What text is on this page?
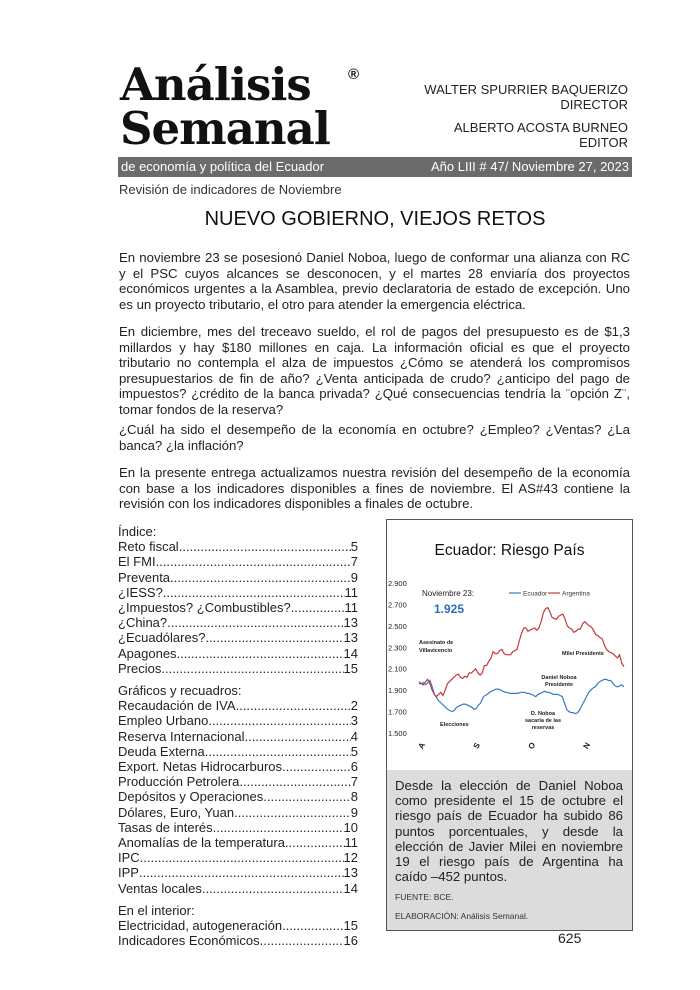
Análisis
Semanal
®
WALTER SPURRIER BAQUERIZO
DIRECTOR
ALBERTO ACOSTA BURNEO
EDITOR
de economía y política del Ecuador	Año LIII # 47/ Noviembre 27, 2023
Revisión de indicadores de Noviembre
NUEVO GOBIERNO, VIEJOS RETOS
En noviembre 23 se posesionó Daniel Noboa, luego de conformar una alianza con RC y el PSC cuyos alcances se desconocen, y el martes 28 enviaría dos proyectos económicos urgentes a la Asamblea, previo declaratoria de estado de excepción. Uno es un proyecto tributario, el otro para atender la emergencia eléctrica.
En diciembre, mes del treceavo sueldo, el rol de pagos del presupuesto es de $1,3 millardos y hay $180 millones en caja. La información oficial es que el proyecto tributario no contempla el alza de impuestos ¿Cómo se atenderá los compromisos presupuestarios de fin de año? ¿Venta anticipada de crudo? ¿anticipo del pago de impuestos? ¿crédito de la banca privada? ¿Qué consecuencias tendría la ¨opción Z¨, tomar fondos de la reserva?
¿Cuál ha sido el desempeño de la economía en octubre? ¿Empleo? ¿Ventas? ¿La banca? ¿la inflación?
En la presente entrega actualizamos nuestra revisión del desempeño de la economía con base a los indicadores disponibles a fines de noviembre. El AS#43 contiene la revisión con los indicadores disponibles a finales de octubre.
Índice:
Reto fiscal .....	5
El FMI .....	7
Preventa .....	9
¿IESS? .....	11
¿Impuestos? ¿Combustibles? .....	11
¿China? .....	13
¿Ecuadólares? .....	13
Apagones .....	14
Precios .....	15
Gráficos y recuadros:
Recaudación de IVA .....	2
Empleo Urbano .....	3
Reserva Internacional .....	4
Deuda Externa .....	5
Export. Netas Hidrocarburos .....	6
Producción Petrolera .....	7
Depósitos y Operaciones .....	8
Dólares, Euro, Yuan .....	9
Tasas de interés .....	10
Anomalías de la temperatura .....	11
IPC .....	12
IPP .....	13
Ventas locales .....	14
En el interior:
Electricidad, autogeneración .....	15
Indicadores Económicos .....	16
Ecuador: Riesgo País
1.500
1.700
1.900
2.100
2.300
2.500
2.700
2.900
A	S	O	N
Ecuador Argentina
Noviembre 23:
1.925
Asesinato de
Villavicencio
Elecciones
D. Noboa
sacaria de las
reservas
Daniel Noboa
Presidente
Milei Presidente
Desde la elección de Daniel Noboa como presidente el 15 de octubre el riesgo país de Ecuador ha subido 86 puntos porcentuales, y desde la elección de Javier Milei en noviembre 19 el riesgo país de Argentina ha caído –452 puntos.
FUENTE: BCE.
ELABORACIÓN: Análisis Semanal.
625
